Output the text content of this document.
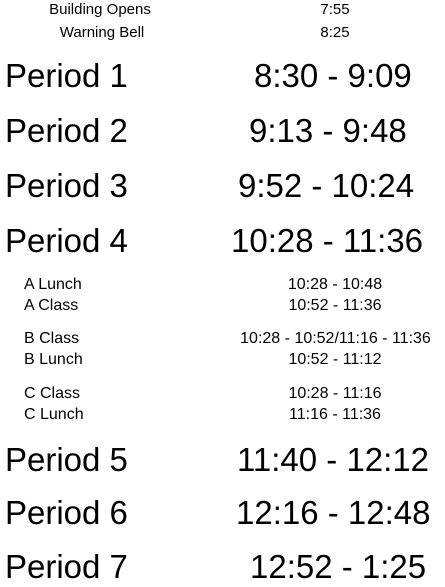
Building Opens	7:55
Warning Bell	8:25
Period 1	8:30 - 9:09
Period 2	9:13 - 9:48
Period 3	9:52 - 10:24
Period 4	10:28 - 11:36
A Lunch	10:28 - 10:48
A Class	10:52 - 11:36
B Class	10:28 - 10:52/11:16 - 11:36
B Lunch	10:52 - 11:12
C Class	10:28 - 11:16
C Lunch	11:16 - 11:36
Period 5	11:40 - 12:12
Period 6	12:16 - 12:48
Period 7	12:52 - 1:25
